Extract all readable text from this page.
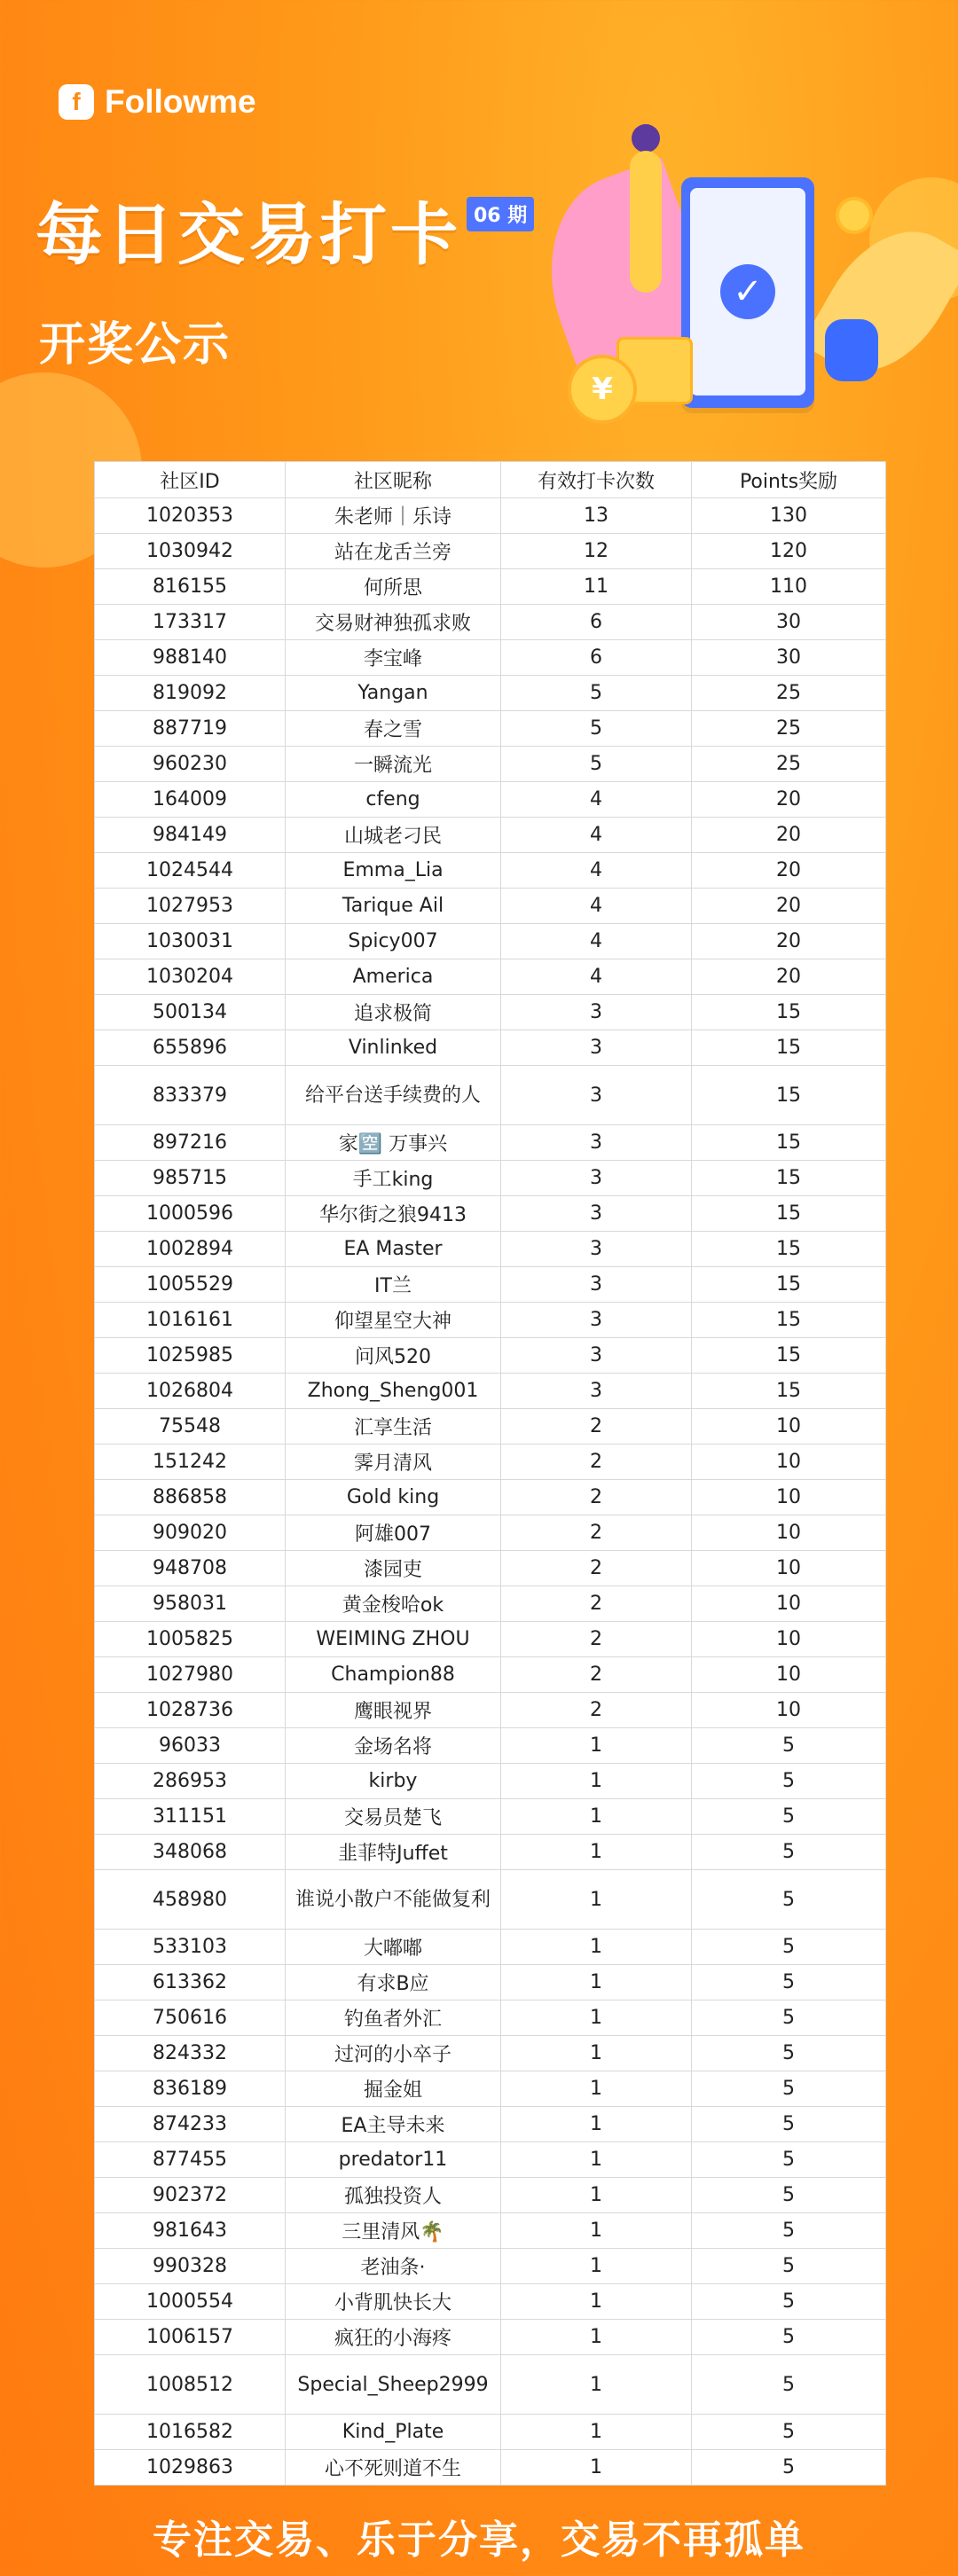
f Followme
每日交易打卡 06 期
开奖公示
✓
¥
社区ID	社区昵称	有效打卡次数	Points奖励
1020353	朱老师｜乐诗	13	130
1030942	站在龙舌兰旁	12	120
816155	何所思	11	110
173317	交易财神独孤求败	6	30
988140	李宝峰	6	30
819092	Yangan	5	25
887719	春之雪	5	25
960230	一瞬流光	5	25
164009	cfeng	4	20
984149	山城老刁民	4	20
1024544	Emma_Lia	4	20
1027953	Tarique Ail	4	20
1030031	Spicy007	4	20
1030204	America	4	20
500134	追求极简	3	15
655896	Vinlinked	3	15
833379	给平台送手续费的人	3	15
897216	家🈳 万事兴	3	15
985715	手工king	3	15
1000596	华尔街之狼9413	3	15
1002894	EA Master	3	15
1005529	IT兰	3	15
1016161	仰望星空大神	3	15
1025985	问风520	3	15
1026804	Zhong_Sheng001	3	15
75548	汇享生活	2	10
151242	霁月清风	2	10
886858	Gold king	2	10
909020	阿雄007	2	10
948708	漆园吏	2	10
958031	黄金梭哈ok	2	10
1005825	WEIMING ZHOU	2	10
1027980	Champion88	2	10
1028736	鹰眼视界	2	10
96033	金场名将	1	5
286953	kirby	1	5
311151	交易员楚飞	1	5
348068	韭菲特Juffet	1	5
458980	谁说小散户不能做复利	1	5
533103	大嘟嘟	1	5
613362	有求B应	1	5
750616	钓鱼者外汇	1	5
824332	过河的小卒子	1	5
836189	掘金姐	1	5
874233	EA主导未来	1	5
877455	predator11	1	5
902372	孤独投资人	1	5
981643	三里清风🌴	1	5
990328	老油条·	1	5
1000554	小背肌快长大	1	5
1006157	疯狂的小海疼	1	5
1008512	Special_Sheep2999	1	5
1016582	Kind_Plate	1	5
1029863	心不死则道不生	1	5
专注交易、乐于分享，交易不再孤单
